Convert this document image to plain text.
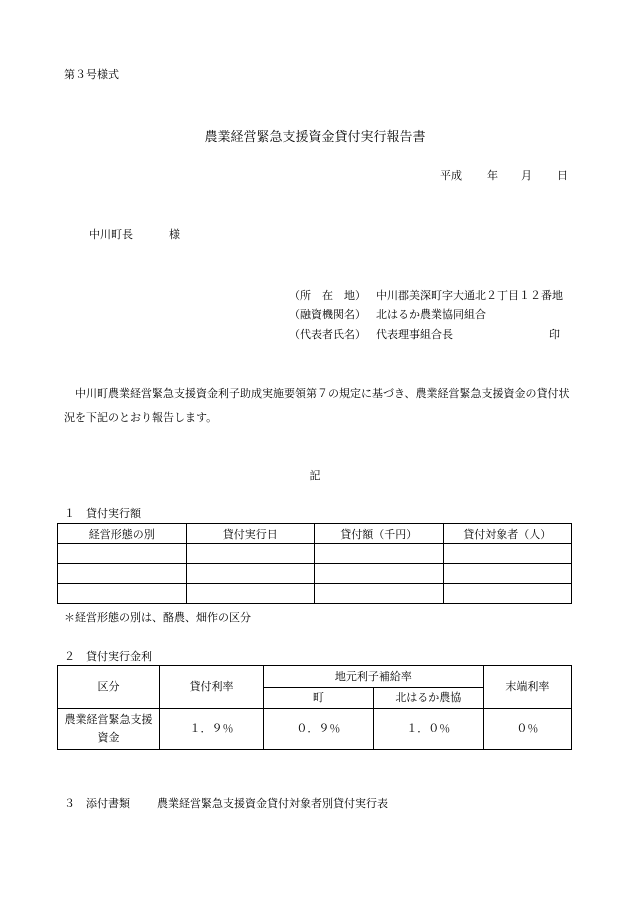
第３号様式
農業経営緊急支援資金貸付実行報告書
平成 年 月 日
中川町長	様
（所　在　地） 中川郡美深町字大通北２丁目１２番地
（融資機関名） 北はるか農業協同組合
（代表者氏名） 代表理事組合長	印
中川町農業経営緊急支援資金利子助成実施要領第７の規定に基づき、農業経営緊急支援資金の貸付状況を下記のとおり報告します。
記
１ 貸付実行額
経営形態の別	貸付実行日	貸付額（千円）	貸付対象者（人）

＊経営形態の別は、酪農、畑作の区分
２ 貸付実行金利
区分	貸付利率	地元利子補給率		末端利率
		町	北はるか農協	
農業経営緊急支援資金	１．９％	０．９％	１．０％	０％
３ 添付書類 農業経営緊急支援資金貸付対象者別貸付実行表
